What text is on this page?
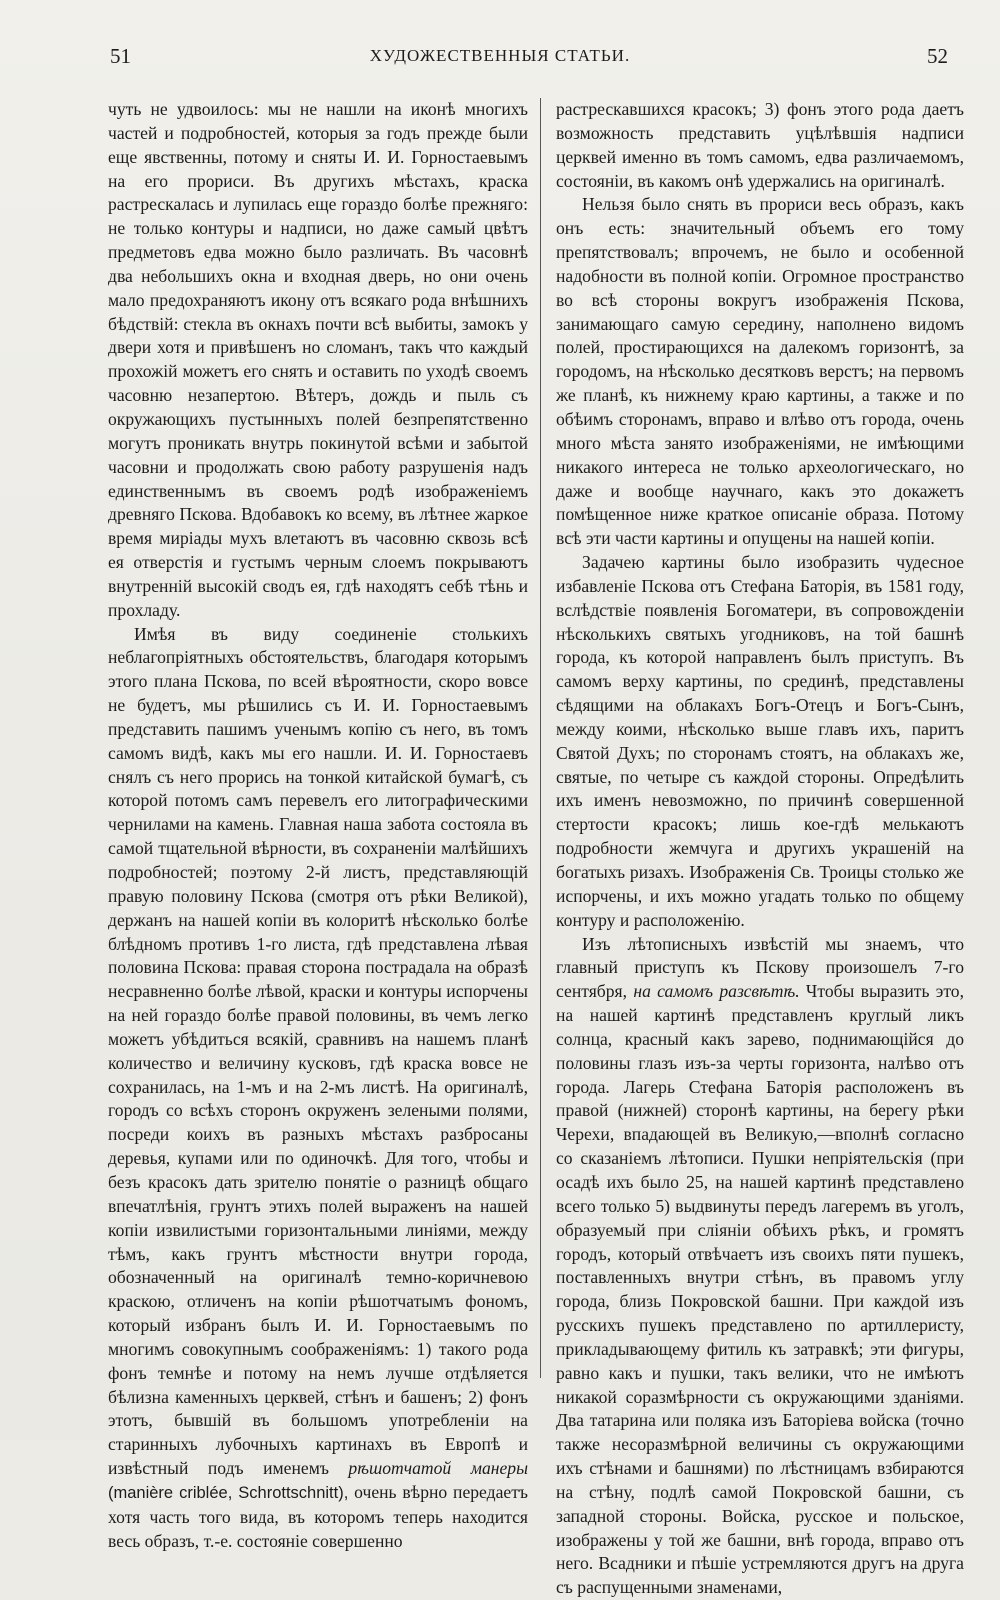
51	ХУДОЖЕСТВЕННЫЯ СТАТЬИ.	52

чуть не удвоилось: мы не нашли на иконѣ многихъ частей и подробностей, которыя за годъ прежде были еще явственны, потому и сняты И. И. Горностаевымъ на его прориси. Въ другихъ мѣстахъ, краска растрескалась и лупилась еще гораздо болѣе прежняго: не только контуры и надписи, но даже самый цвѣтъ предметовъ едва можно было различать. Въ часовнѣ два небольшихъ окна и входная дверь, но они очень мало предохраняютъ икону отъ всякаго рода внѣшнихъ бѣдствій: стекла въ окнахъ почти всѣ выбиты, замокъ у двери хотя и привѣшенъ но сломанъ, такъ что каждый прохожій можетъ его снять и оставить по уходѣ своемъ часовню незапертою. Вѣтеръ, дождь и пыль съ окружающихъ пустынныхъ полей безпрепятственно могутъ проникать внутрь покинутой всѣми и забытой часовни и продолжать свою работу разрушенія надъ единственнымъ въ своемъ родѣ изображеніемъ древняго Пскова. Вдобавокъ ко всему, въ лѣтнее жаркое время миріады мухъ влетаютъ въ часовню сквозь всѣ ея отверстія и густымъ черным слоемъ покрываютъ внутренній высокій сводъ ея, гдѣ находятъ себѣ тѣнь и прохладу.

Имѣя въ виду соединеніе столькихъ неблагопріятныхъ обстоятельствъ, благодаря которымъ этого плана Пскова, по всей вѣроятности, скоро вовсе не будетъ, мы рѣшились съ И. И. Горностаевымъ представить пашимъ ученымъ копію съ него, въ томъ самомъ видѣ, какъ мы его нашли. И. И. Горностаевъ снялъ съ него прорись на тонкой китайской бумагѣ, съ которой потомъ самъ перевелъ его литографическими чернилами на камень. Главная наша забота состояла въ самой тщательной вѣрности, въ сохраненіи малѣйшихъ подробностей; поэтому 2-й листъ, представляющій правую половину Пскова (смотря отъ рѣки Великой), держанъ на нашей копіи въ колоритѣ нѣсколько болѣе блѣдномъ противъ 1-го листа, гдѣ представлена лѣвая половина Пскова: правая сторона пострадала на образѣ несравненно болѣе лѣвой, краски и контуры испорчены на ней гораздо болѣе правой половины, въ чемъ легко можетъ убѣдиться всякій, сравнивъ на нашемъ планѣ количество и величину кусковъ, гдѣ краска вовсе не сохранилась, на 1-мъ и на 2-мъ листѣ. На оригиналѣ, городъ со всѣхъ сторонъ окруженъ зелеными полями, посреди коихъ въ разныхъ мѣстахъ разбросаны деревья, купами или по одиночкѣ. Для того, чтобы и безъ красокъ дать зрителю понятіе о разницѣ общаго впечатлѣнія, грунтъ этихъ полей выраженъ на нашей копіи извилистыми горизонтальными линіями, между тѣмъ, какъ грунтъ мѣстности внутри города, обозначенный на оригиналѣ темно-коричневою краскою, отличенъ на копіи рѣшотчатымъ фономъ, который избранъ былъ И. И. Горностаевымъ по многимъ совокупнымъ соображеніямъ: 1) такого рода фонъ темнѣе и потому на немъ лучше отдѣляется бѣлизна каменныхъ церквей, стѣнъ и башенъ; 2) фонъ этотъ, бывшій въ большомъ употребленіи на старинныхъ лубочныхъ картинахъ въ Европѣ и извѣстный подъ именемъ рѣшотчатой манеры (manière criblée, Schrottschnitt), очень вѣрно передаетъ хотя часть того вида, въ которомъ теперь находится весь образъ, т.-е. состояніе совершенно

растрескавшихся красокъ; 3) фонъ этого рода даетъ возможность представить уцѣлѣвшія надписи церквей именно въ томъ самомъ, едва различаемомъ, состояніи, въ какомъ онѣ удержались на оригиналѣ.

Нельзя было снять въ прориси весь образъ, какъ онъ есть: значительный объемъ его тому препятствовалъ; впрочемъ, не было и особенной надобности въ полной копіи. Огромное пространство во всѣ стороны вокругъ изображенія Пскова, занимающаго самую середину, наполнено видомъ полей, простирающихся на далекомъ горизонтѣ, за городомъ, на нѣсколько десятковъ верстъ; на первомъ же планѣ, къ нижнему краю картины, а также и по обѣимъ сторонамъ, вправо и влѣво отъ города, очень много мѣста занято изображеніями, не имѣющими никакого интереса не только археологическаго, но даже и вообще научнаго, какъ это докажетъ помѣщенное ниже краткое описаніе образа. Потому всѣ эти части картины и опущены на нашей копіи.

Задачею картины было изобразить чудесное избавленіе Пскова отъ Стефана Баторія, въ 1581 году, вслѣдствіе появленія Богоматери, въ сопровожденіи нѣсколькихъ святыхъ угодниковъ, на той башнѣ города, къ которой направленъ былъ приступъ. Въ самомъ верху картины, по срединѣ, представлены сѣдящими на облакахъ Богъ-Отецъ и Богъ-Сынъ, между коими, нѣсколько выше главъ ихъ, паритъ Святой Духъ; по сторонамъ стоятъ, на облакахъ же, святые, по четыре съ каждой стороны. Опредѣлить ихъ именъ невозможно, по причинѣ совершенной стертости красокъ; лишь кое-гдѣ мелькаютъ подробности жемчуга и другихъ украшеній на богатыхъ ризахъ. Изображенія Св. Троицы столько же испорчены, и ихъ можно угадать только по общему контуру и расположенію.

Изъ лѣтописныхъ извѣстій мы знаемъ, что главный приступъ къ Пскову произошелъ 7-го сентября, на самомъ разсвѣтѣ. Чтобы выразить это, на нашей картинѣ представленъ круглый ликъ солнца, красный какъ зарево, поднимающійся до половины глазъ изъ-за черты горизонта, налѣво отъ города. Лагерь Стефана Баторія расположенъ въ правой (нижней) сторонѣ картины, на берегу рѣки Черехи, впадающей въ Великую,—вполнѣ согласно со сказаніемъ лѣтописи. Пушки непріятельскія (при осадѣ ихъ было 25, на нашей картинѣ представлено всего только 5) выдвинуты передъ лагеремъ въ уголъ, образуемый при сліяніи обѣихъ рѣкъ, и громятъ городъ, который отвѣчаетъ изъ своихъ пяти пушекъ, поставленныхъ внутри стѣнъ, въ правомъ углу города, близь Покровской башни. При каждой изъ русскихъ пушекъ представлено по артиллеристу, прикладывающему фитиль къ затравкѣ; эти фигуры, равно какъ и пушки, такъ велики, что не имѣютъ никакой соразмѣрности съ окружающими зданіями. Два татарина или поляка изъ Баторіева войска (точно также несоразмѣрной величины съ окружающими ихъ стѣнами и башнями) по лѣстницамъ взбираются на стѣну, подлѣ самой Покровской башни, съ западной стороны. Войска, русское и польское, изображены у той же башни, внѣ города, вправо отъ него. Всадники и пѣшіе устремляются другъ на друга съ распущенными знаменами,
